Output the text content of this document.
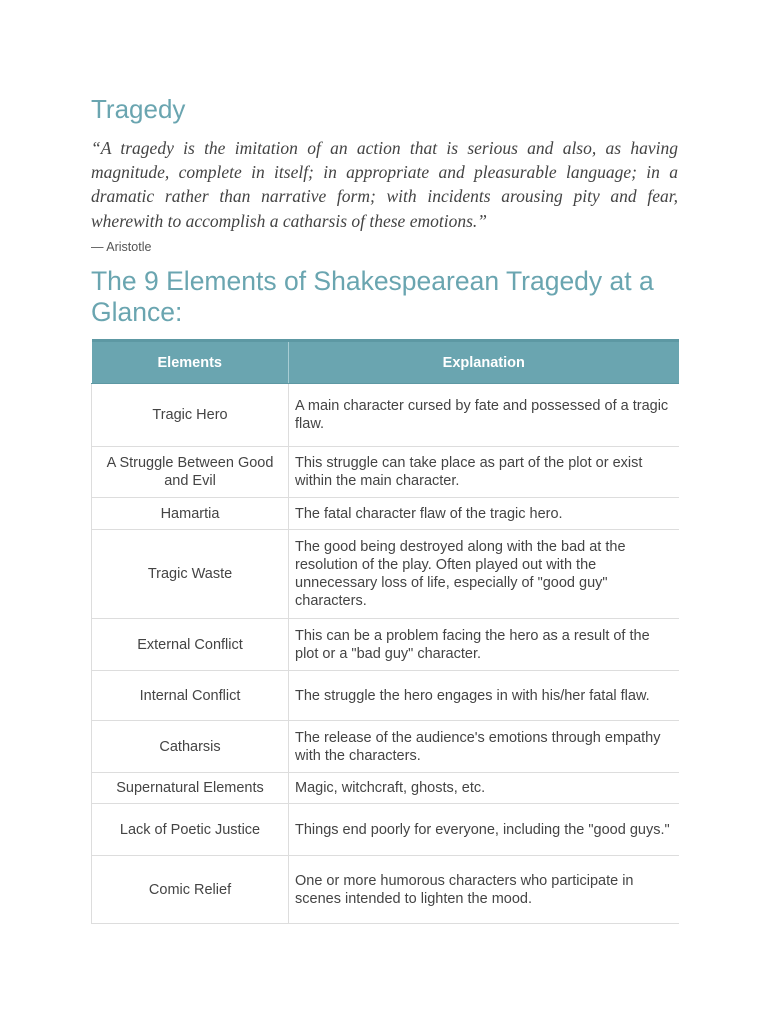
Tragedy

“A tragedy is the imitation of an action that is serious and also, as having magnitude, complete in itself; in appropriate and pleasurable language; in a dramatic rather than narrative form; with incidents arousing pity and fear, wherewith to accomplish a catharsis of these emotions.”

— Aristotle
The 9 Elements of Shakespearean Tragedy at a Glance:
Elements	Explanation
Tragic Hero	A main character cursed by fate and possessed of a tragic flaw.
A Struggle Between Good and Evil	This struggle can take place as part of the plot or exist within the main character.
Hamartia	The fatal character flaw of the tragic hero.
Tragic Waste	The good being destroyed along with the bad at the resolution of the play. Often played out with the unnecessary loss of life, especially of "good guy" characters.
External Conflict	This can be a problem facing the hero as a result of the plot or a "bad guy" character.
Internal Conflict	The struggle the hero engages in with his/her fatal flaw.
Catharsis	The release of the audience's emotions through empathy with the characters.
Supernatural Elements	Magic, witchcraft, ghosts, etc.
Lack of Poetic Justice	Things end poorly for everyone, including the "good guys."
Comic Relief	One or more humorous characters who participate in scenes intended to lighten the mood.
